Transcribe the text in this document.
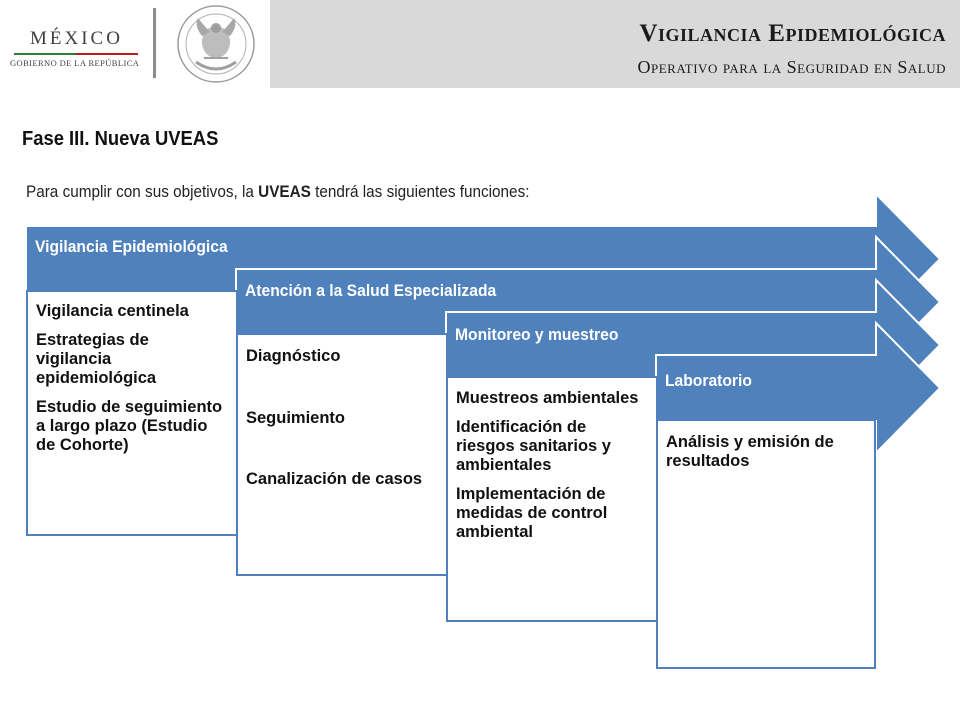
MÉXICO
GOBIERNO DE LA REPÚBLICA
Vigilancia Epidemiológica
Operativo para la Seguridad en Salud
Fase III. Nueva UVEAS
Para cumplir con sus objetivos, la UVEAS tendrá las siguientes funciones:
Vigilancia centinela
Estrategias de vigilancia epidemiológica
Estudio de seguimiento a largo plazo (Estudio de Cohorte)
Vigilancia Epidemiológica
Diagnóstico
Seguimiento
Canalización de casos
Atención a la Salud Especializada
Muestreos ambientales
Identificación de riesgos sanitarios y ambientales
Implementación de medidas de control ambiental
Monitoreo y muestreo
Análisis y emisión de resultados
Laboratorio
